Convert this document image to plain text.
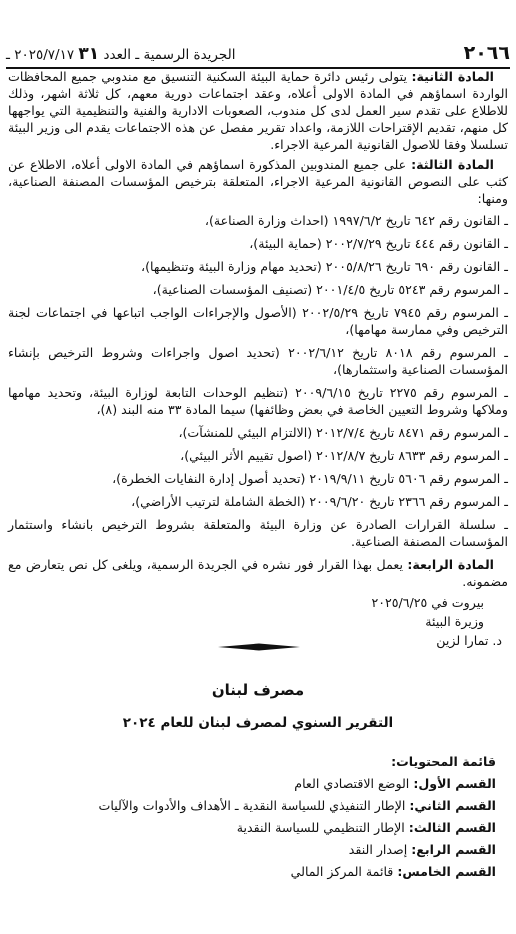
٢٠٦٦
الجريدة الرسمية ـ العدد ٣١ ٢٠٢٥/٧/١٧ ـ

المادة الثانية: يتولى رئيس دائرة حماية البيئة السكنية التنسيق مع مندوبي جميع المحافظات الواردة اسماؤهم في المادة الاولى أعلاه، وعقد اجتماعات دورية معهم، كل ثلاثة اشهر، وذلك للاطلاع على تقدم سير العمل لدى كل مندوب، الصعوبات الادارية والفنية والتنظيمية التي يواجهها كل منهم، تقديم الإقتراحات اللازمة، واعداد تقرير مفصل عن هذه الاجتماعات يقدم الى وزير البيئة تسلسلا وفقا للاصول القانونية المرعية الاجراء.

المادة الثالثة: على جميع المندوبين المذكورة اسماؤهم في المادة الاولى أعلاه، الاطلاع عن كثب على النصوص القانونية المرعية الاجراء، المتعلقة بترخيص المؤسسات المصنفة الصناعية، ومنها:

ـ القانون رقم ٦٤٢ تاريخ ١٩٩٧/٦/٢ (احداث وزارة الصناعة)،
ـ القانون رقم ٤٤٤ تاريخ ٢٠٠٢/٧/٢٩ (حماية البيئة)،
ـ القانون رقم ٦٩٠ تاريخ ٢٠٠٥/٨/٢٦ (تحديد مهام وزارة البيئة وتنظيمها)،
ـ المرسوم رقم ٥٢٤٣ تاريخ ٢٠٠١/٤/٥ (تصنيف المؤسسات الصناعية)،
ـ المرسوم رقم ٧٩٤٥ تاريخ ٢٠٠٢/٥/٢٩ (الأصول والإجراءات الواجب اتباعها في اجتماعات لجنة الترخيص وفي ممارسة مهامها)،
ـ المرسوم رقم ٨٠١٨ تاريخ ٢٠٠٢/٦/١٢ (تحديد اصول واجراءات وشروط الترخيص بإنشاء المؤسسات الصناعية واستثمارها)،
ـ المرسوم رقم ٢٢٧٥ تاريخ ٢٠٠٩/٦/١٥ (تنظيم الوحدات التابعة لوزارة البيئة، وتحديد مهامها وملاكها وشروط التعيين الخاصة في بعض وظائفها) سيما المادة ٣٣ منه البند (٨)،
ـ المرسوم رقم ٨٤٧١ تاريخ ٢٠١٢/٧/٤ (الالتزام البيئي للمنشآت)،
ـ المرسوم رقم ٨٦٣٣ تاريخ ٢٠١٢/٨/٧ (اصول تقييم الأثر البيئي)،
ـ المرسوم رقم ٥٦٠٦ تاريخ ٢٠١٩/٩/١١ (تحديد أصول إدارة النفايات الخطرة)،
ـ المرسوم رقم ٢٣٦٦ تاريخ ٢٠٠٩/٦/٢٠ (الخطة الشاملة لترتيب الأراضي)،
ـ سلسلة القرارات الصادرة عن وزارة البيئة والمتعلقة بشروط الترخيص بانشاء واستثمار المؤسسات المصنفة الصناعية.

المادة الرابعة: يعمل بهذا القرار فور نشره في الجريدة الرسمية، ويلغى كل نص يتعارض مع مضمونه.

بيروت في ٢٠٢٥/٦/٢٥
وزيرة البيئة
د. تمارا لزين
مصرف لبنان
التقرير السنوي لمصرف لبنان للعام ٢٠٢٤
قائمة المحتويات:
القسم الأول: الوضع الاقتصادي العام
القسم الثاني: الإطار التنفيذي للسياسة النقدية ـ الأهداف والأدوات والآليات
القسم الثالث: الإطار التنظيمي للسياسة النقدية
القسم الرابع: إصدار النقد
القسم الخامس: قائمة المركز المالي
